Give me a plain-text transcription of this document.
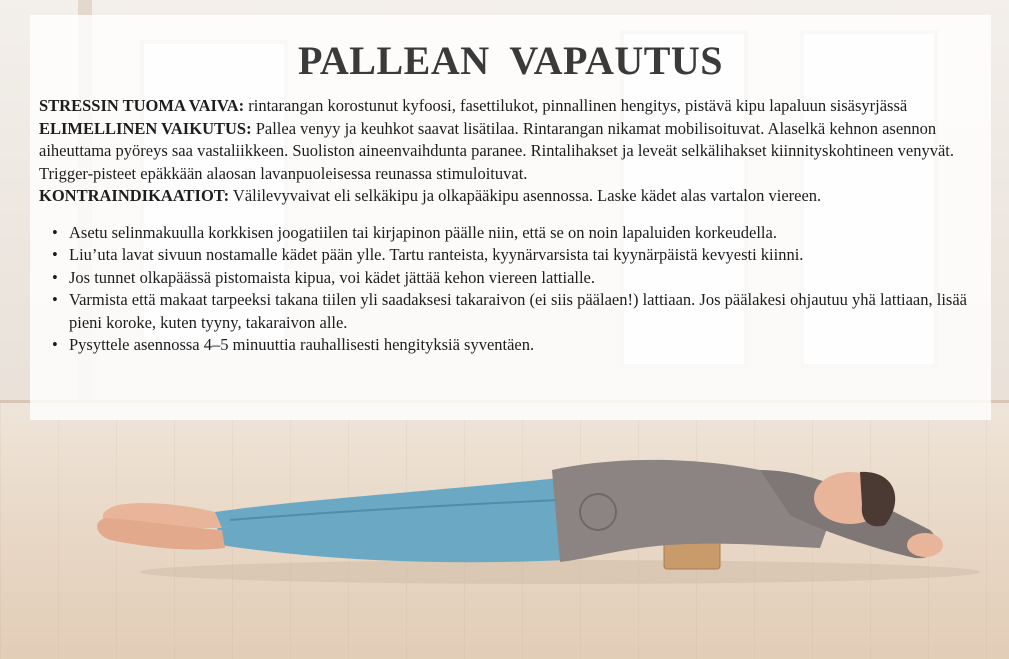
PALLEAN VAPAUTUS

STRESSIN TUOMA VAIVA: rintarangan korostunut kyfoosi, fasettilukot, pinnallinen hengitys, pistävä kipu lapaluun sisäsyrjässä

ELIMELLINEN VAIKUTUS: Pallea venyy ja keuhkot saavat lisätilaa. Rintarangan nikamat mobilisoituvat. Alaselkä kehnon asennon aiheuttama pyöreys saa vastaliikkeen. Suoliston aineenvaihdunta paranee. Rintalihakset ja leveät selkälihakset kiinnityskohtineen venyvät. Trigger-pisteet epäkkään alaosan lavanpuoleisessa reunassa stimuloituvat.

KONTRAINDIKAATIOT: Välilevyvaivat eli selkäkipu ja olkapääkipu asennossa. Laske kädet alas vartalon viereen.

• Asetu selinmakuulla korkkisen joogatiilen tai kirjapinon päälle niin, että se on noin lapaluiden korkeudella.
• Liu’uta lavat sivuun nostamalle kädet pään ylle. Tartu ranteista, kyynärvarsista tai kyynärpäistä kevyesti kiinni.
• Jos tunnet olkapäässä pistomaista kipua, voi kädet jättää kehon viereen lattialle.
• Varmista että makaat tarpeeksi takana tiilen yli saadaksesi takaraivon (ei siis päälaen!) lattiaan. Jos päälakesi ohjautuu yhä lattiaan, lisää pieni koroke, kuten tyyny, takaraivon alle.
• Pysyttele asennossa 4–5 minuuttia rauhallisesti hengityksiä syventäen.
